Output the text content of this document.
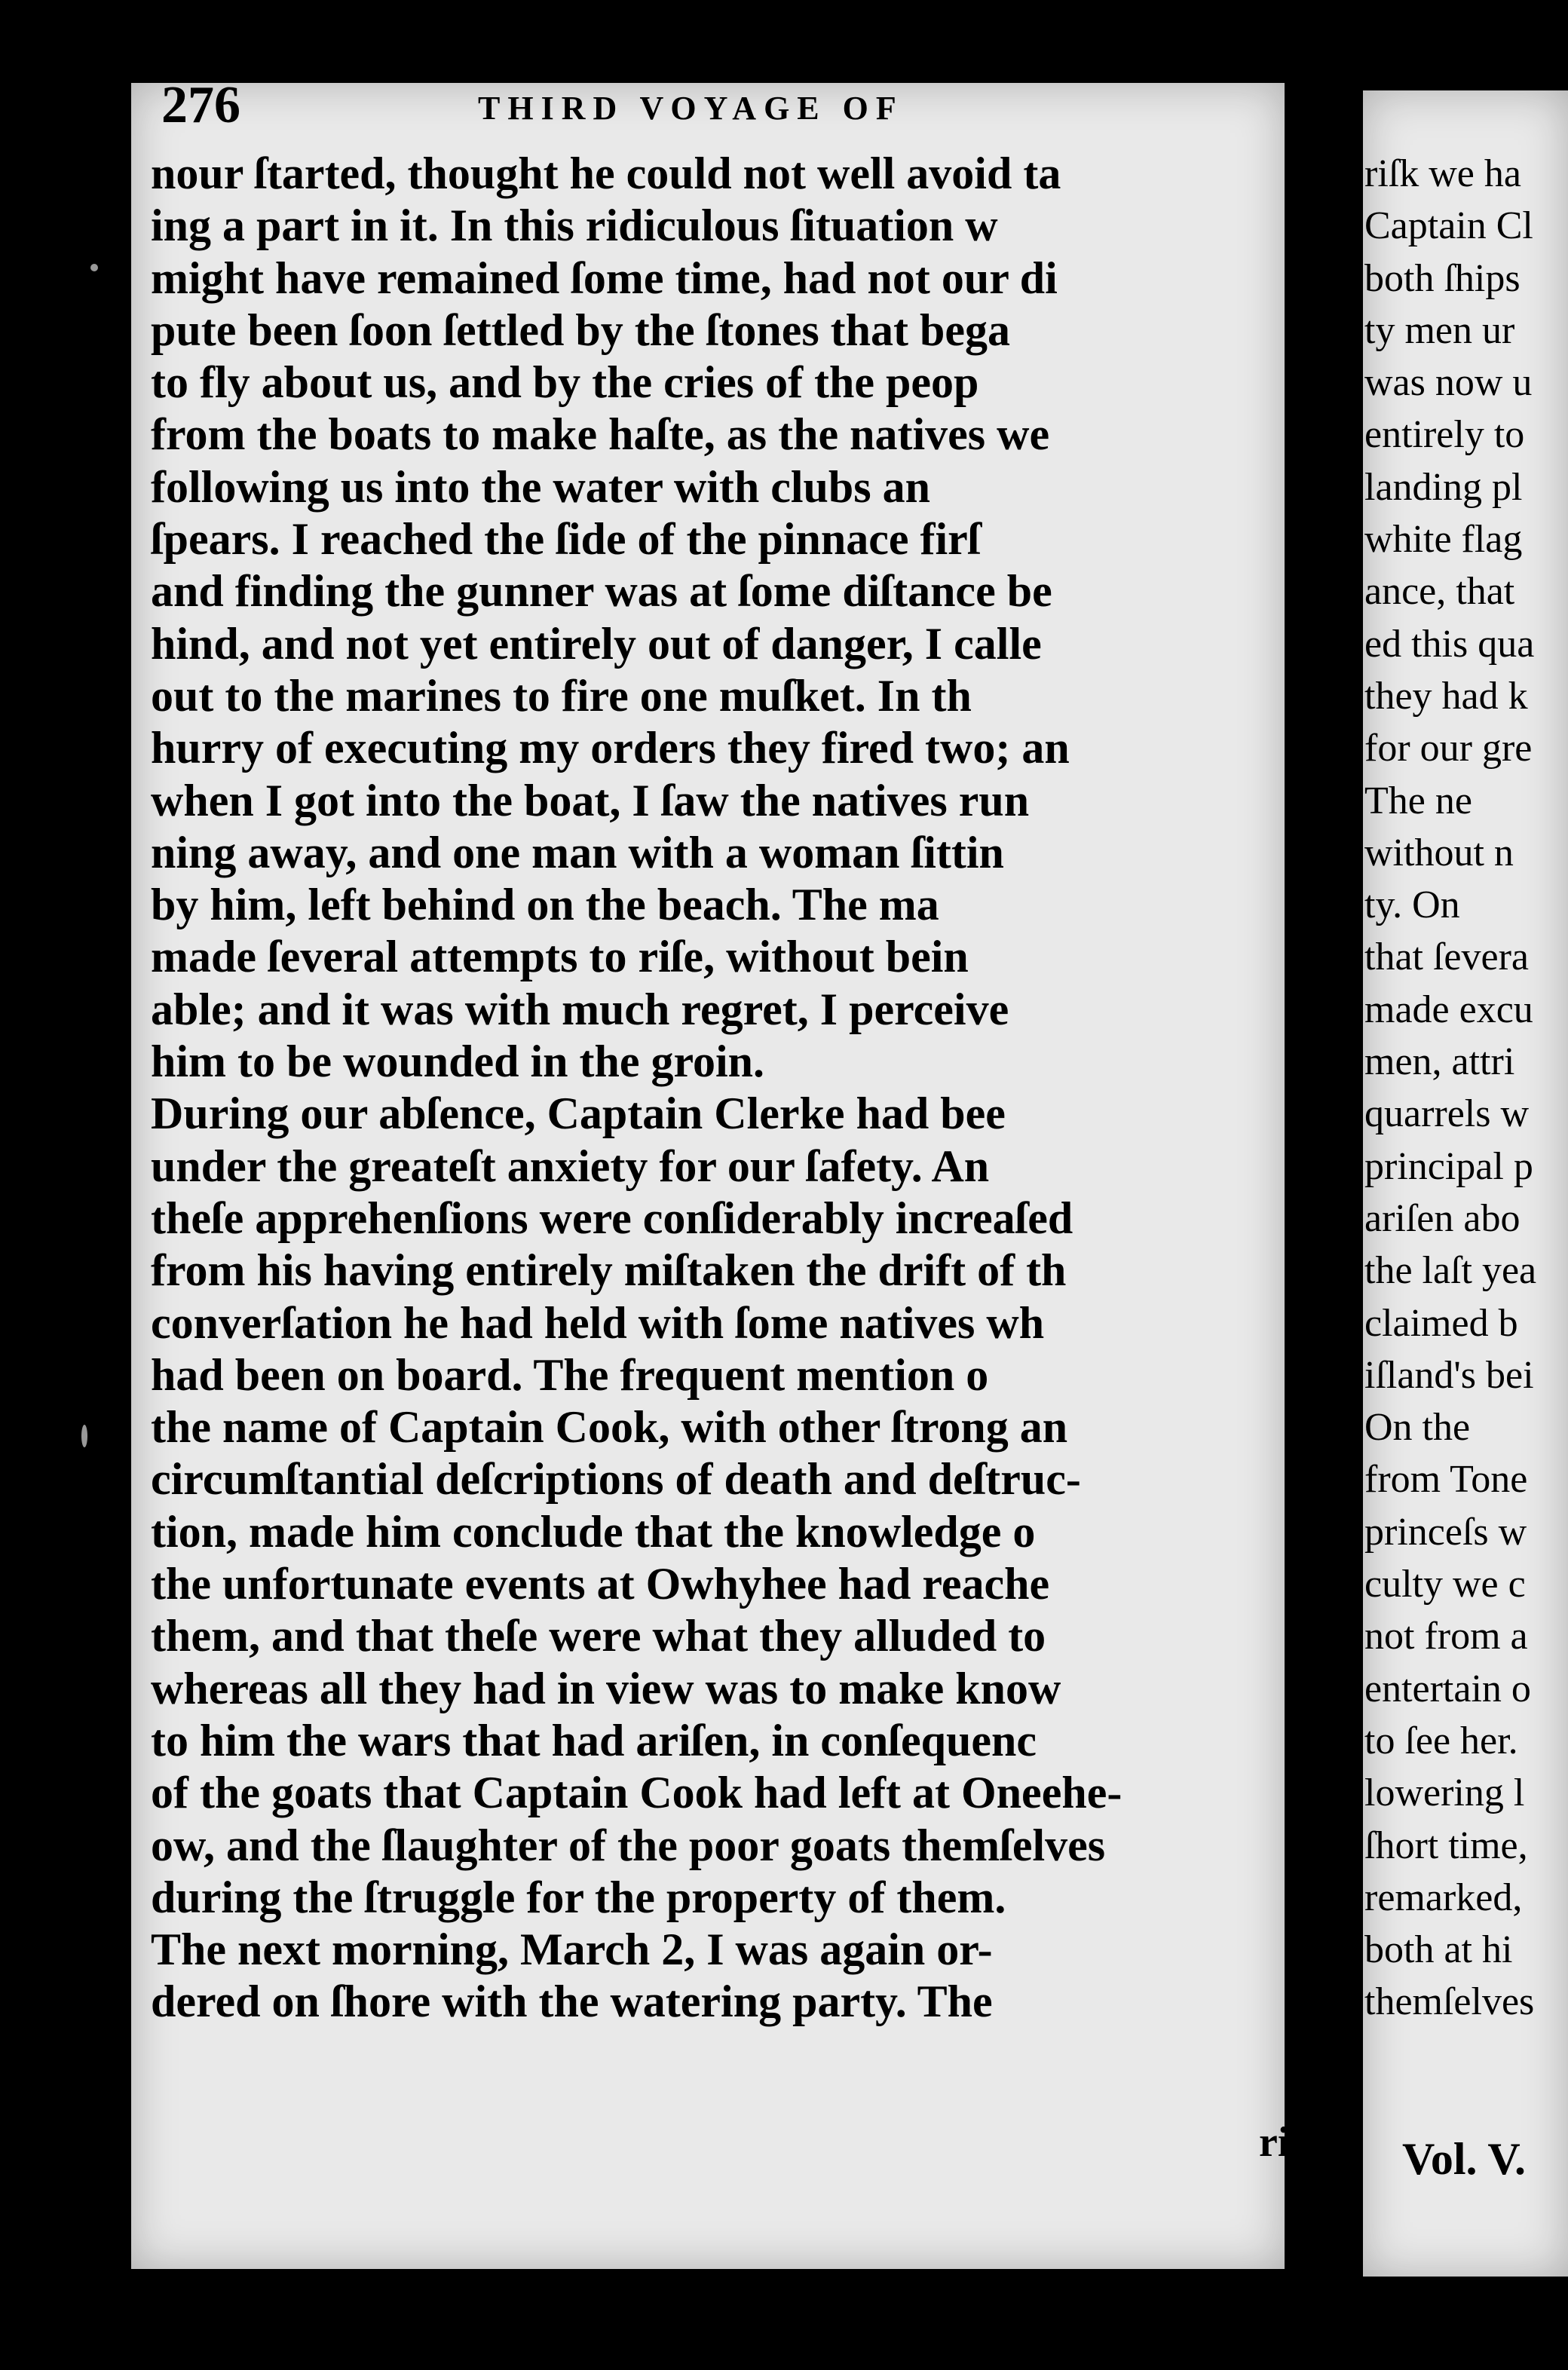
276	THIRD VOYAGE OF
nour ſtarted, thought he could not well avoid ta
ing a part in it. In this ridiculous ſituation w
might have remained ſome time, had not our di
pute been ſoon ſettled by the ſtones that bega
to fly about us, and by the cries of the peop
from the boats to make haſte, as the natives we
following us into the water with clubs an
ſpears. I reached the ſide of the pinnace firſ
and finding the gunner was at ſome diſtance be
hind, and not yet entirely out of danger, I calle
out to the marines to fire one muſket. In th
hurry of executing my orders they fired two; an
when I got into the boat, I ſaw the natives run
ning away, and one man with a woman ſittin
by him, left behind on the beach. The ma
made ſeveral attempts to riſe, without bein
able; and it was with much regret, I perceive
him to be wounded in the groin.
During our abſence, Captain Clerke had bee
under the greateſt anxiety for our ſafety. An
theſe apprehenſions were conſiderably increaſed
from his having entirely miſtaken the drift of th
converſation he had held with ſome natives wh
had been on board. The frequent mention o
the name of Captain Cook, with other ſtrong an
circumſtantial deſcriptions of death and deſtruc-
tion, made him conclude that the knowledge o
the unfortunate events at Owhyhee had reache
them, and that theſe were what they alluded to
whereas all they had in view was to make know
to him the wars that had ariſen, in conſequenc
of the goats that Captain Cook had left at Oneehe-
ow, and the ſlaughter of the poor goats themſelves
during the ſtruggle for the property of them.
The next morning, March 2, I was again or-
dered on ſhore with the watering party. The
riſk we ha
Captain Cl
both ſhips
ty men ur
was now u
entirely to
landing pl
white flag
ance, that
ed this qua
they had k
for our gre
The ne
without n
ty. On
that ſevera
made excu
men, attri
quarrels w
principal p
ariſen abo
the laſt yea
claimed b
iſland's bei
On the
from Tone
princeſs w
culty we c
not from a
entertain o
to ſee her.
lowering l
ſhort time,
remarked,
both at hi
themſelves
riſk Vol. V.
